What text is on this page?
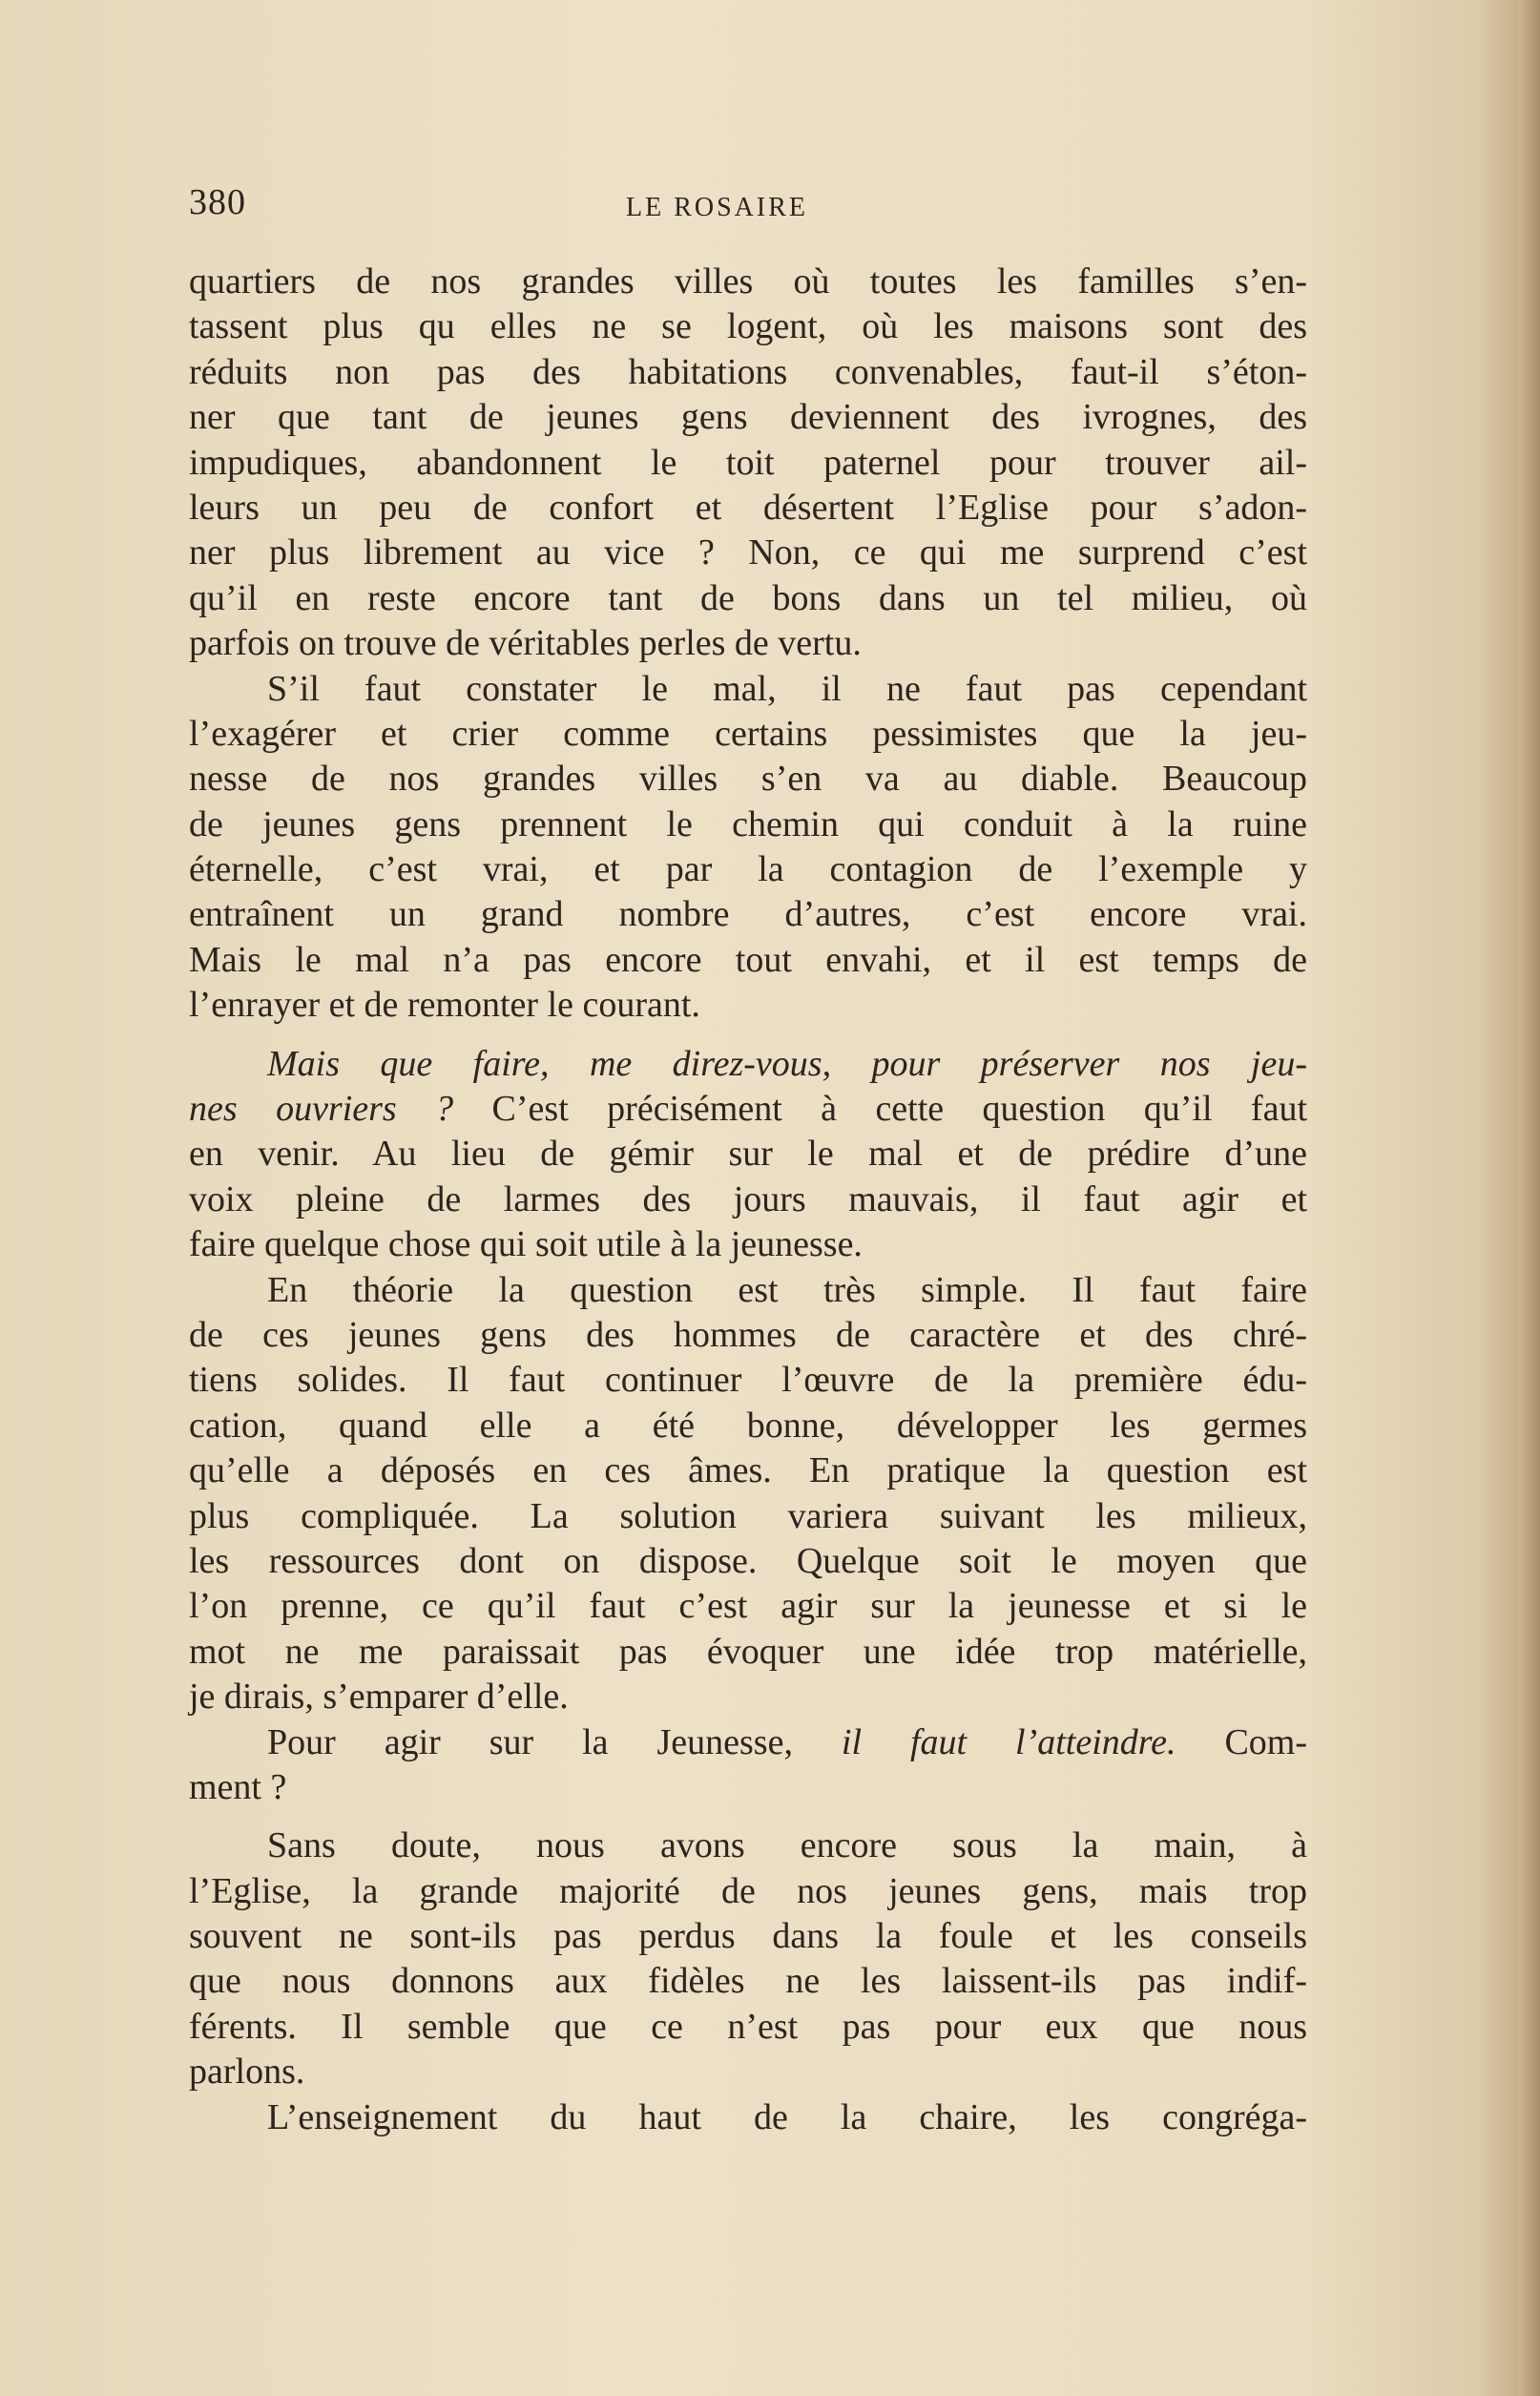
380	LE ROSAIRE
quartiers de nos grandes villes où toutes les familles s’en-
tassent plus qu elles ne se logent, où les maisons sont des
réduits non pas des habitations convenables, faut-il s’éton-
ner que tant de jeunes gens deviennent des ivrognes, des
impudiques, abandonnent le toit paternel pour trouver ail-
leurs un peu de confort et désertent l’Eglise pour s’adon-
ner plus librement au vice ? Non, ce qui me surprend c’est
qu’il en reste encore tant de bons dans un tel milieu, où
parfois on trouve de véritables perles de vertu.
S’il faut constater le mal, il ne faut pas cependant
l’exagérer et crier comme certains pessimistes que la jeu-
nesse de nos grandes villes s’en va au diable. Beaucoup
de jeunes gens prennent le chemin qui conduit à la ruine
éternelle, c’est vrai, et par la contagion de l’exemple y
entraînent un grand nombre d’autres, c’est encore vrai.
Mais le mal n’a pas encore tout envahi, et il est temps de
l’enrayer et de remonter le courant.
Mais que faire, me direz-vous, pour préserver nos jeu-
nes ouvriers ? C’est précisément à cette question qu’il faut
en venir. Au lieu de gémir sur le mal et de prédire d’une
voix pleine de larmes des jours mauvais, il faut agir et
faire quelque chose qui soit utile à la jeunesse.
En théorie la question est très simple. Il faut faire
de ces jeunes gens des hommes de caractère et des chré-
tiens solides. Il faut continuer l’œuvre de la première édu-
cation, quand elle a été bonne, développer les germes
qu’elle a déposés en ces âmes. En pratique la question est
plus compliquée. La solution variera suivant les milieux,
les ressources dont on dispose. Quelque soit le moyen que
l’on prenne, ce qu’il faut c’est agir sur la jeunesse et si le
mot ne me paraissait pas évoquer une idée trop matérielle,
je dirais, s’emparer d’elle.
Pour agir sur la Jeunesse, il faut l’atteindre. Com-
ment ?
Sans doute, nous avons encore sous la main, à
l’Eglise, la grande majorité de nos jeunes gens, mais trop
souvent ne sont-ils pas perdus dans la foule et les conseils
que nous donnons aux fidèles ne les laissent-ils pas indif-
férents. Il semble que ce n’est pas pour eux que nous
parlons.
L’enseignement du haut de la chaire, les congréga-
